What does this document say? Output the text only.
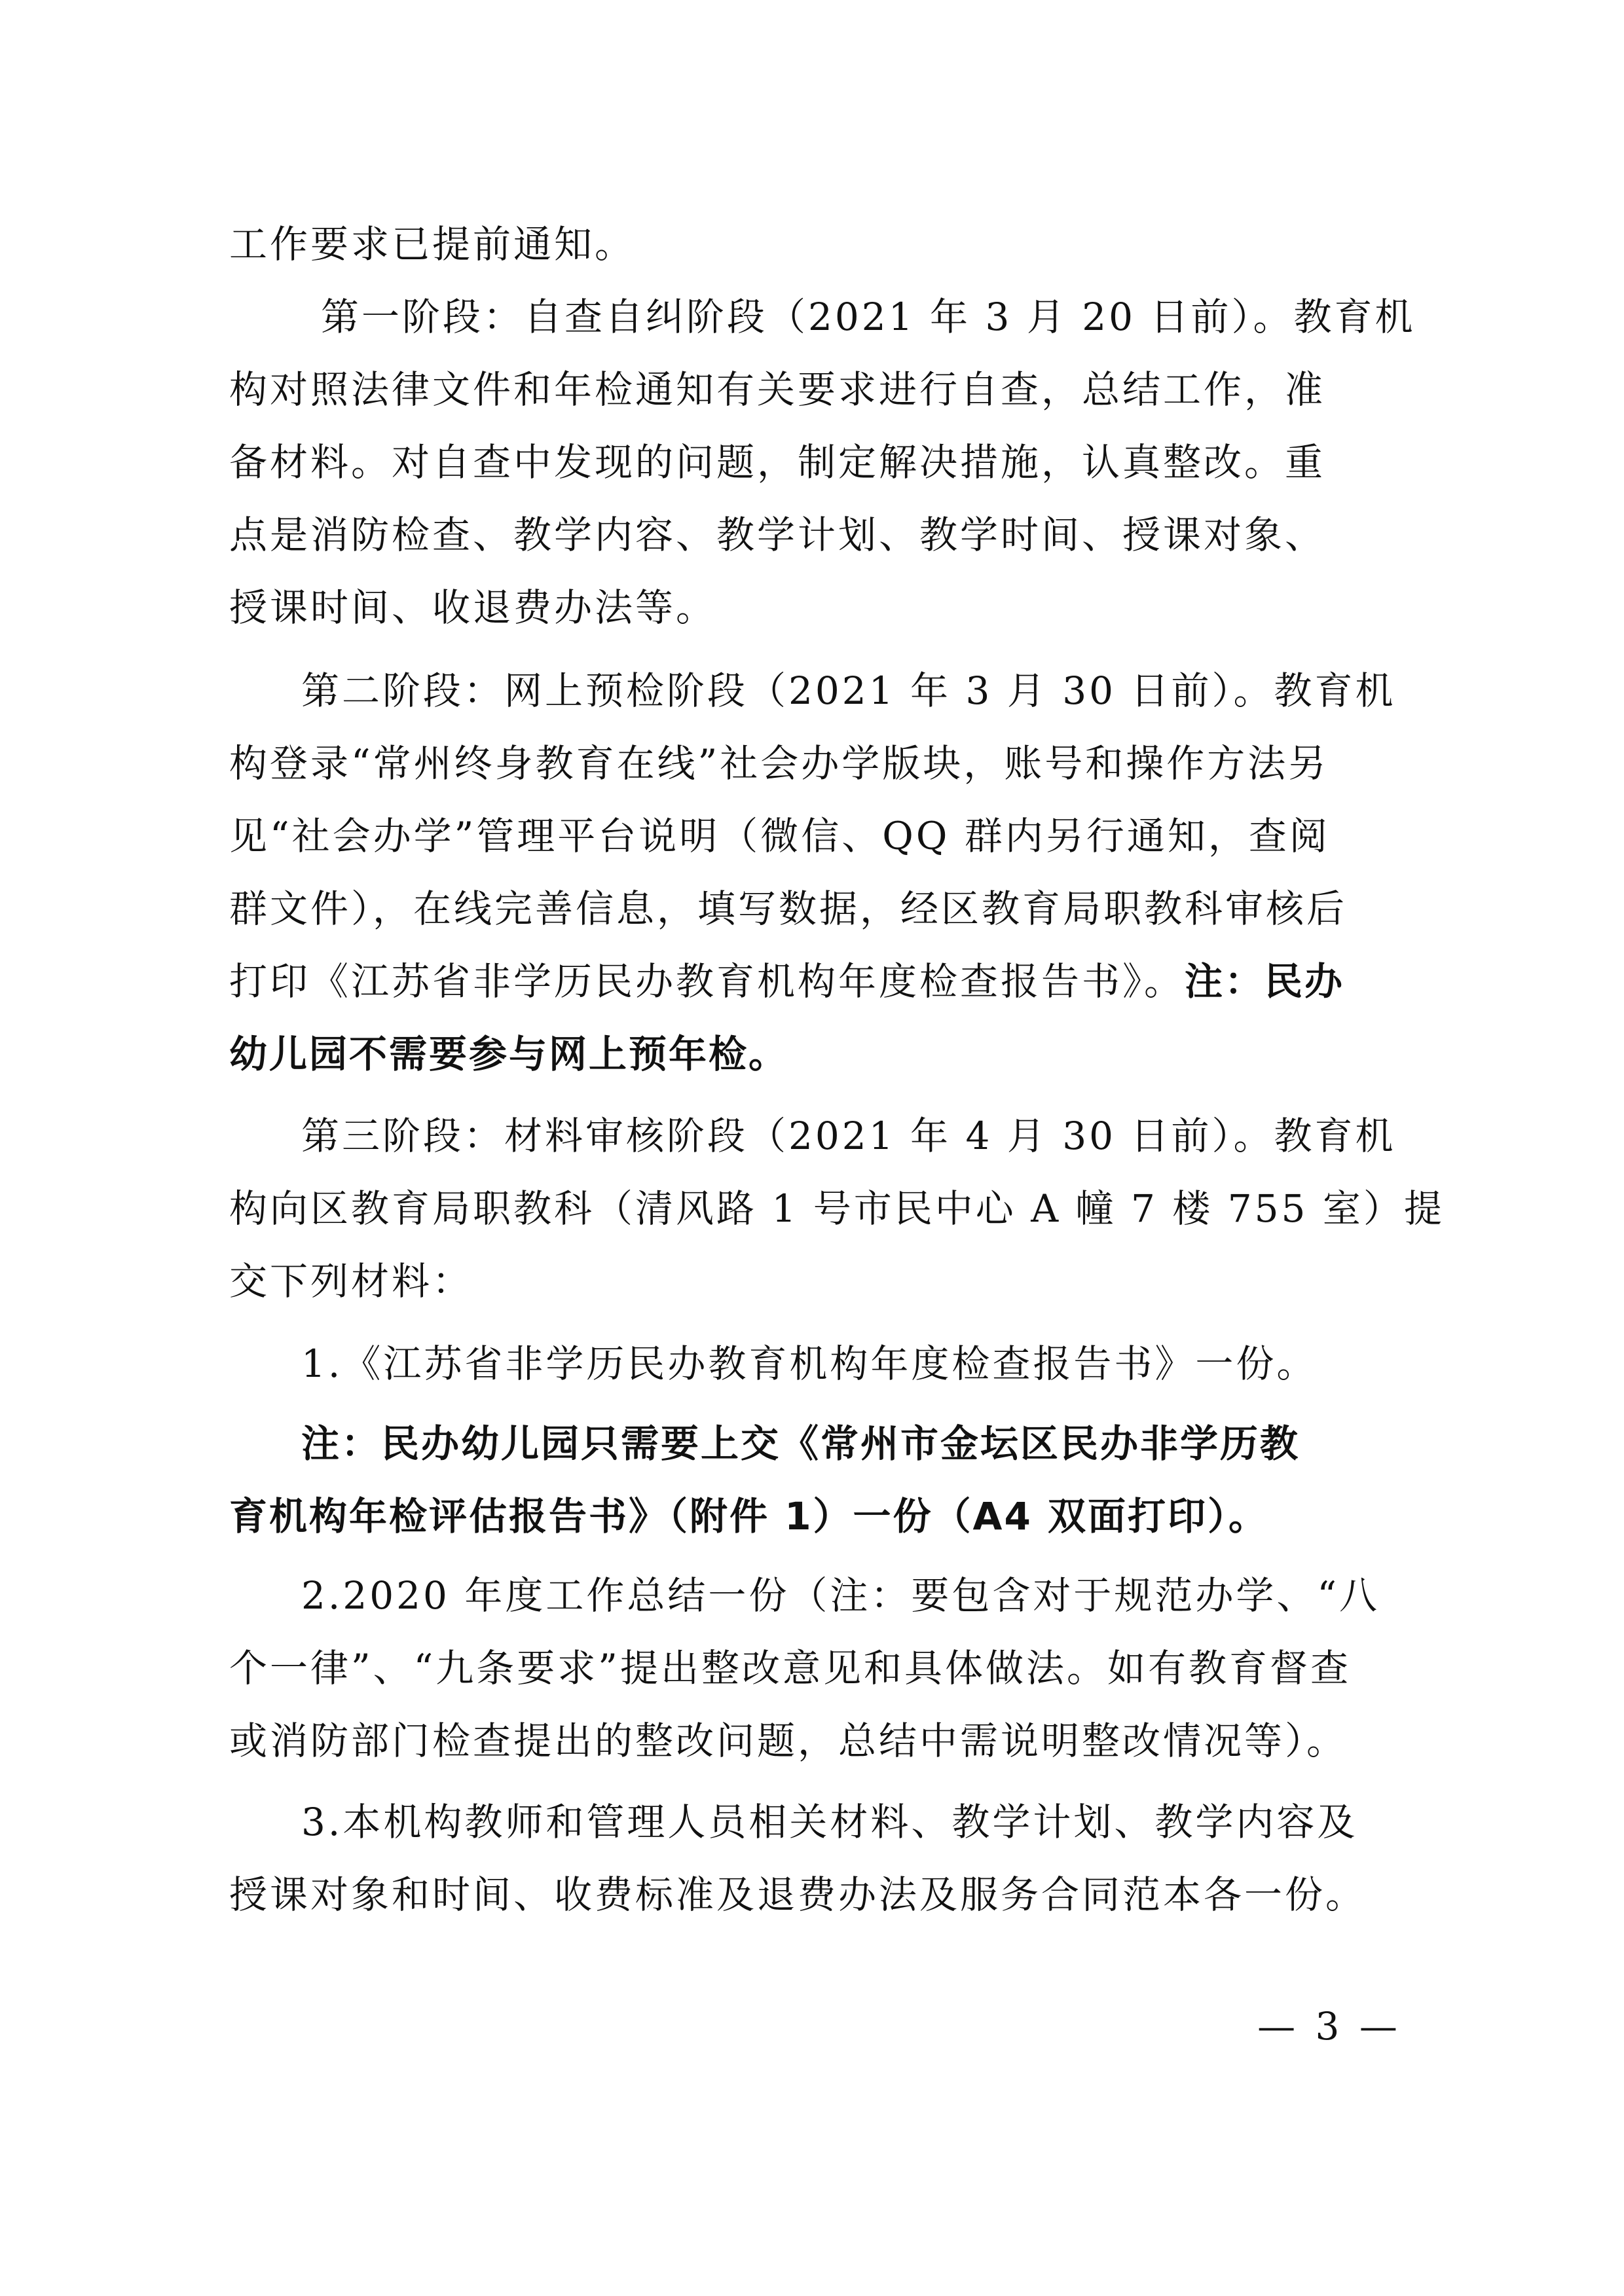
工作要求已提前通知。

第一阶段：自查自纠阶段（2021 年 3 月 20 日前）。教育机
构对照法律文件和年检通知有关要求进行自查，总结工作，准
备材料。对自查中发现的问题，制定解决措施，认真整改。重
点是消防检查、教学内容、教学计划、教学时间、授课对象、
授课时间、收退费办法等。

第二阶段：网上预检阶段（2021 年 3 月 30 日前）。教育机
构登录“常州终身教育在线”社会办学版块，账号和操作方法另
见“社会办学”管理平台说明（微信、QQ 群内另行通知，查阅
群文件），在线完善信息，填写数据，经区教育局职教科审核后
打印《江苏省非学历民办教育机构年度检查报告书》。注：民办
幼儿园不需要参与网上预年检。

第三阶段：材料审核阶段（2021 年 4 月 30 日前）。教育机
构向区教育局职教科（清风路 1 号市民中心 A 幢 7 楼 755 室）提
交下列材料：

1.《江苏省非学历民办教育机构年度检查报告书》一份。

注：民办幼儿园只需要上交《常州市金坛区民办非学历教
育机构年检评估报告书》（附件 1）一份（A4 双面打印）。

2.2020 年度工作总结一份（注：要包含对于规范办学、“八
个一律”、“九条要求”提出整改意见和具体做法。如有教育督查
或消防部门检查提出的整改问题，总结中需说明整改情况等）。

3.本机构教师和管理人员相关材料、教学计划、教学内容及
授课对象和时间、收费标准及退费办法及服务合同范本各一份。

— 3 —
